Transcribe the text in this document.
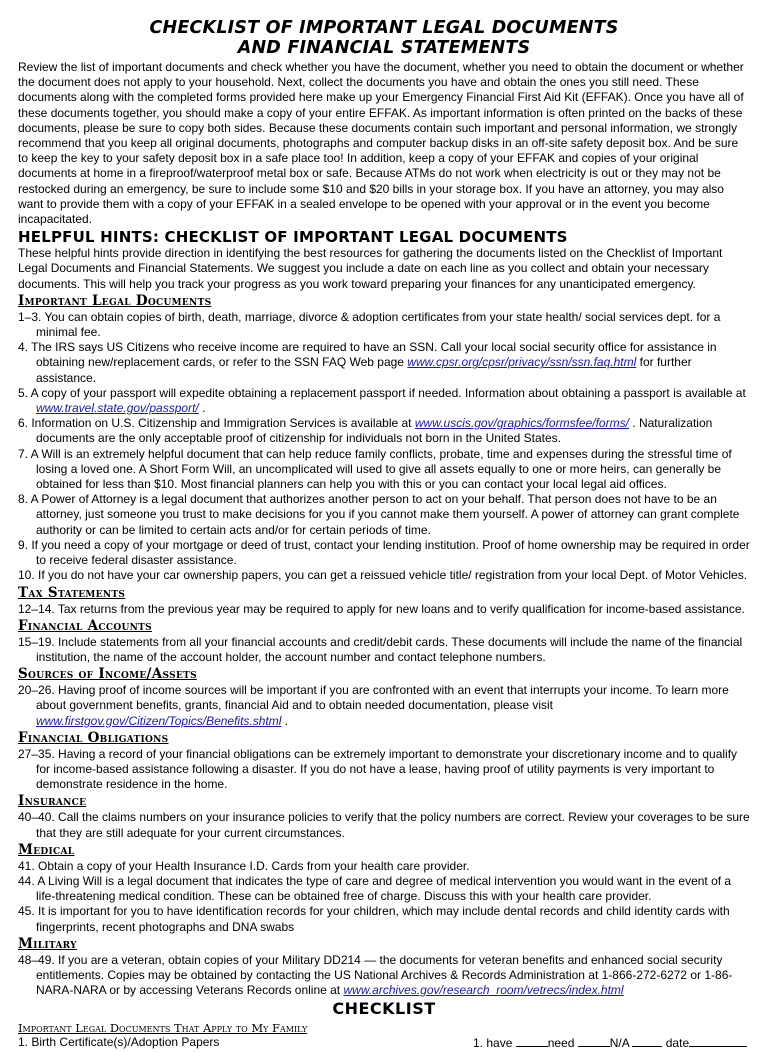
CHECKLIST OF IMPORTANT LEGAL DOCUMENTS
AND FINANCIAL STATEMENTS

Review the list of important documents and check whether you have the document, whether you need to obtain the document or whether the document does not apply to your household. Next, collect the documents you have and obtain the ones you still need. These documents along with the completed forms provided here make up your Emergency Financial First Aid Kit (EFFAK). Once you have all of these documents together, you should make a copy of your entire EFFAK. As important information is often printed on the backs of these documents, please be sure to copy both sides. Because these documents contain such important and personal information, we strongly recommend that you keep all original documents, photographs and computer backup disks in an off-site safety deposit box. And be sure to keep the key to your safety deposit box in a safe place too! In addition, keep a copy of your EFFAK and copies of your original documents at home in a fireproof/waterproof metal box or safe. Because ATMs do not work when electricity is out or they may not be restocked during an emergency, be sure to include some $10 and $20 bills in your storage box. If you have an attorney, you may also want to provide them with a copy of your EFFAK in a sealed envelope to be opened with your approval or in the event you become incapacitated.

HELPFUL HINTS: CHECKLIST OF IMPORTANT LEGAL DOCUMENTS

These helpful hints provide direction in identifying the best resources for gathering the documents listed on the Checklist of Important Legal Documents and Financial Statements. We suggest you include a date on each line as you collect and obtain your necessary documents. This will help you track your progress as you work toward preparing your finances for any unanticipated emergency.

Important Legal Documents

1–3. You can obtain copies of birth, death, marriage, divorce & adoption certificates from your state health/ social services dept. for a minimal fee.

4. The IRS says US Citizens who receive income are required to have an SSN. Call your local social security office for assistance in obtaining new/replacement cards, or refer to the SSN FAQ Web page www.cpsr.org/cpsr/privacy/ssn/ssn.faq.html for further assistance.

5. A copy of your passport will expedite obtaining a replacement passport if needed. Information about obtaining a passport is available at www.travel.state.gov/passport/ .

6. Information on U.S. Citizenship and Immigration Services is available at www.uscis.gov/graphics/formsfee/forms/ . Naturalization documents are the only acceptable proof of citizenship for individuals not born in the United States.

7. A Will is an extremely helpful document that can help reduce family conflicts, probate, time and expenses during the stressful time of losing a loved one. A Short Form Will, an uncomplicated will used to give all assets equally to one or more heirs, can generally be obtained for less than $10. Most financial planners can help you with this or you can contact your local legal aid offices.

8. A Power of Attorney is a legal document that authorizes another person to act on your behalf. That person does not have to be an attorney, just someone you trust to make decisions for you if you cannot make them yourself. A power of attorney can grant complete authority or can be limited to certain acts and/or for certain periods of time.

9. If you need a copy of your mortgage or deed of trust, contact your lending institution. Proof of home ownership may be required in order to receive federal disaster assistance.

10. If you do not have your car ownership papers, you can get a reissued vehicle title/ registration from your local Dept. of Motor Vehicles.

Tax Statements

12–14. Tax returns from the previous year may be required to apply for new loans and to verify qualification for income-based assistance.

Financial Accounts

15–19. Include statements from all your financial accounts and credit/debit cards. These documents will include the name of the financial institution, the name of the account holder, the account number and contact telephone numbers.

Sources of Income/Assets

20–26. Having proof of income sources will be important if you are confronted with an event that interrupts your income. To learn more about government benefits, grants, financial Aid and to obtain needed documentation, please visit www.firstgov.gov/Citizen/Topics/Benefits.shtml .

Financial Obligations

27–35. Having a record of your financial obligations can be extremely important to demonstrate your discretionary income and to qualify for income-based assistance following a disaster. If you do not have a lease, having proof of utility payments is very important to demonstrate residence in the home.

Insurance

40–40. Call the claims numbers on your insurance policies to verify that the policy numbers are correct. Review your coverages to be sure that they are still adequate for your current circumstances.

Medical

41. Obtain a copy of your Health Insurance I.D. Cards from your health care provider.

44. A Living Will is a legal document that indicates the type of care and degree of medical intervention you would want in the event of a life-threatening medical condition. These can be obtained free of charge. Discuss this with your health care provider.

45. It is important for you to have identification records for your children, which may include dental records and child identity cards with fingerprints, recent photographs and DNA swabs

Military

48–49. If you are a veteran, obtain copies of your Military DD214 — the documents for veteran benefits and enhanced social security entitlements. Copies may be obtained by contacting the US National Archives & Records Administration at 1-866-272-6272 or 1-86-NARA-NARA or by accessing Veterans Records online at www.archives.gov/research_room/vetrecs/index.html

CHECKLIST
Important Legal Documents That Apply to My Family
1. Birth Certificate(s)/Adoption Papers	1. have	need	N/A	date
